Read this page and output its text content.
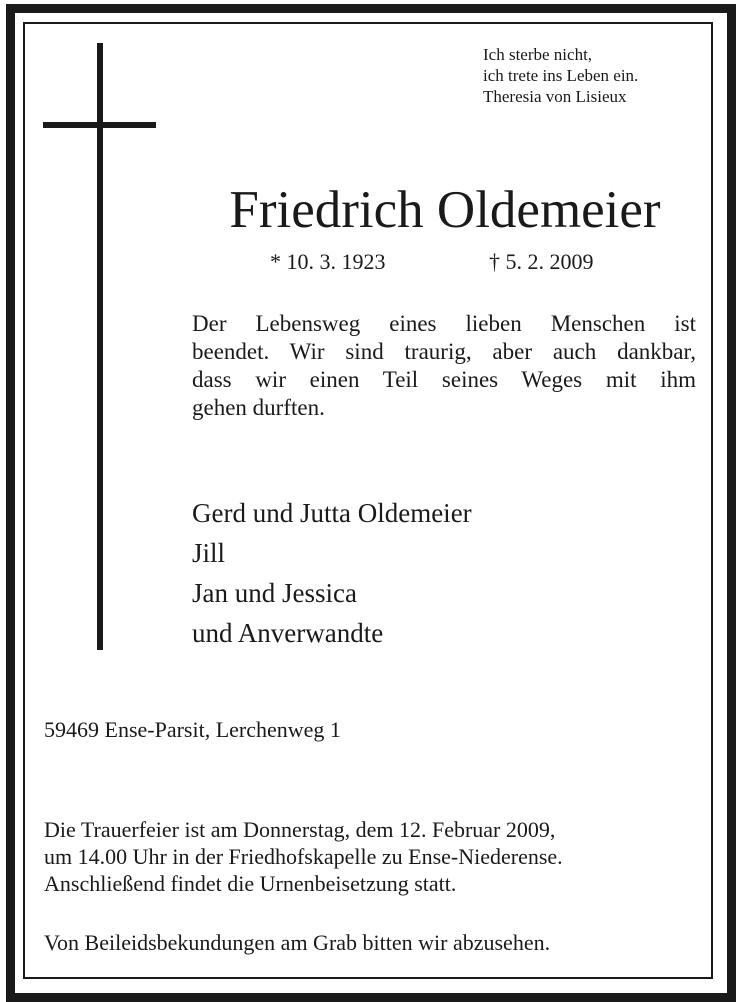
Ich sterbe nicht,
ich trete ins Leben ein.
Theresia von Lisieux
Friedrich Oldemeier
* 10. 3. 1923	† 5. 2. 2009
Der Lebensweg eines lieben Menschen ist
beendet. Wir sind traurig, aber auch dankbar,
dass wir einen Teil seines Weges mit ihm
gehen durften.
Gerd und Jutta Oldemeier
Jill
Jan und Jessica
und Anverwandte
59469 Ense-Parsit, Lerchenweg 1
Die Trauerfeier ist am Donnerstag, dem 12. Februar 2009,
um 14.00 Uhr in der Friedhofskapelle zu Ense-Niederense.
Anschließend findet die Urnenbeisetzung statt.
Von Beileidsbekundungen am Grab bitten wir abzusehen.
